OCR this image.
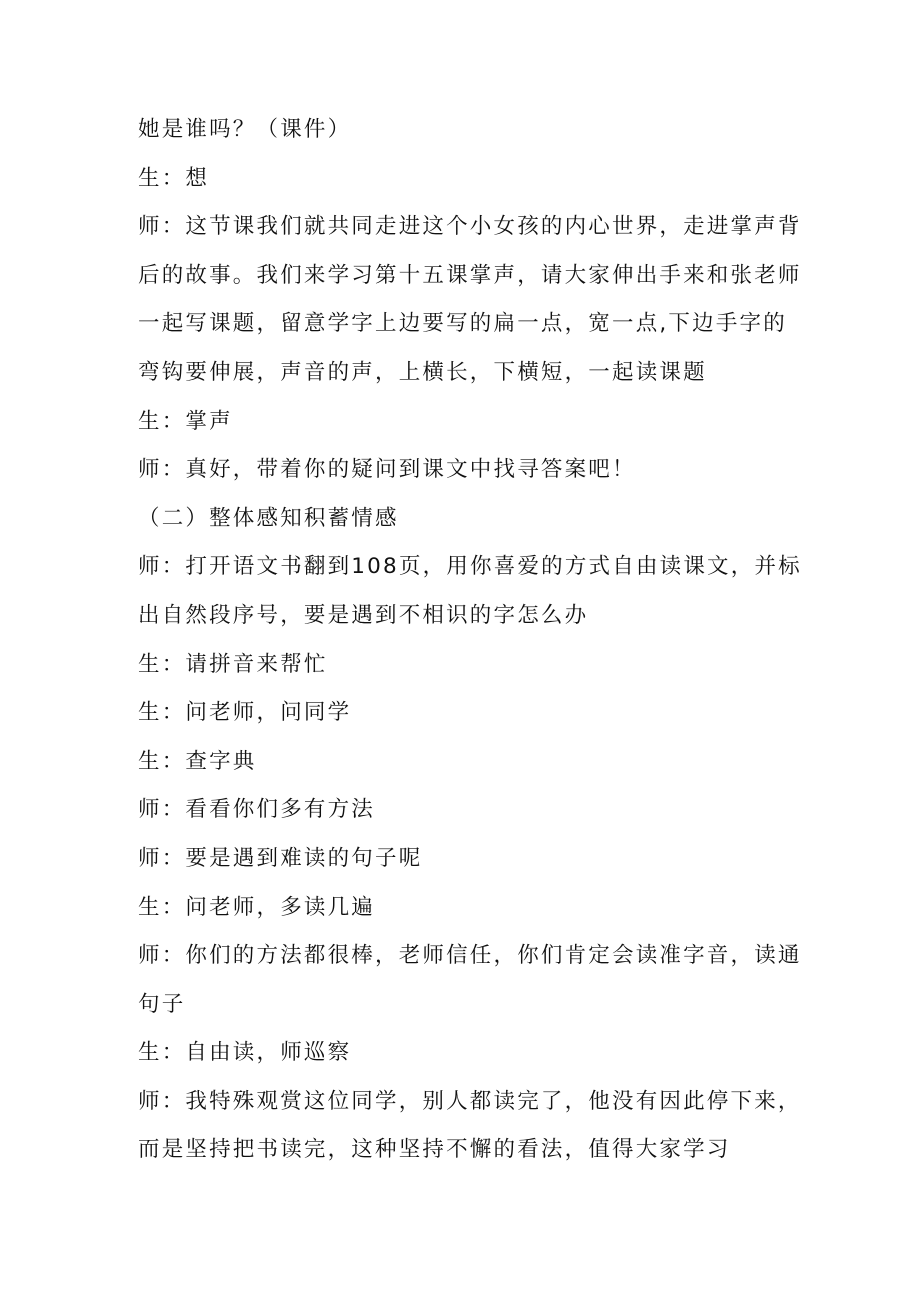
她是谁吗？（课件）
生：想
师：这节课我们就共同走进这个小女孩的内心世界，走进掌声背
后的故事。我们来学习第十五课掌声，请大家伸出手来和张老师
一起写课题，留意学字上边要写的扁一点，宽一点,下边手字的
弯钩要伸展，声音的声，上横长，下横短，一起读课题
生：掌声
师：真好，带着你的疑问到课文中找寻答案吧！
（二）整体感知积蓄情感
师：打开语文书翻到108页，用你喜爱的方式自由读课文，并标
出自然段序号，要是遇到不相识的字怎么办
生：请拼音来帮忙
生：问老师，问同学
生：查字典
师：看看你们多有方法
师：要是遇到难读的句子呢
生：问老师，多读几遍
师：你们的方法都很棒，老师信任，你们肯定会读准字音，读通
句子
生：自由读，师巡察
师：我特殊观赏这位同学，别人都读完了，他没有因此停下来，
而是坚持把书读完，这种坚持不懈的看法，值得大家学习
